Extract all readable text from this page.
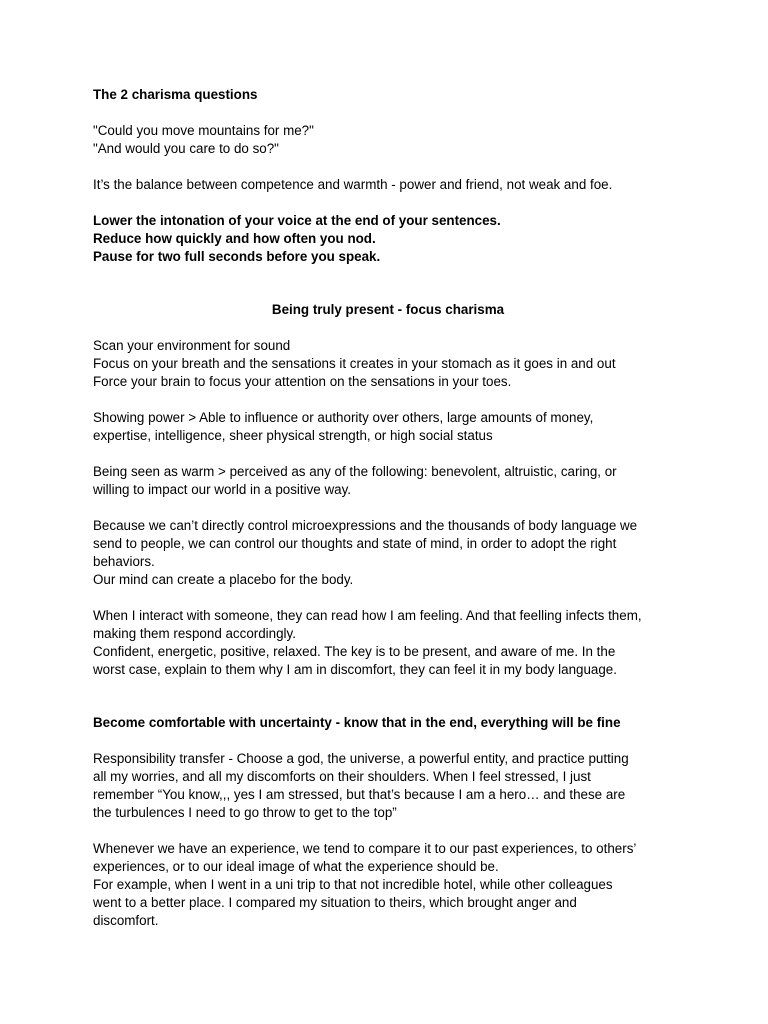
The 2 charisma questions
"Could you move mountains for me?"
"And would you care to do so?"
It’s the balance between competence and warmth - power and friend, not weak and foe.
Lower the intonation of your voice at the end of your sentences.
Reduce how quickly and how often you nod.
Pause for two full seconds before you speak.
Being truly present - focus charisma
Scan your environment for sound
Focus on your breath and the sensations it creates in your stomach as it goes in and out
Force your brain to focus your attention on the sensations in your toes.
Showing power > Able to influence or authority over others, large amounts of money,
expertise, intelligence, sheer physical strength, or high social status
Being seen as warm > perceived as any of the following: benevolent, altruistic, caring, or
willing to impact our world in a positive way.
Because we can’t directly control microexpressions and the thousands of body language we
send to people, we can control our thoughts and state of mind, in order to adopt the right
behaviors.
Our mind can create a placebo for the body.
When I interact with someone, they can read how I am feeling. And that feelling infects them,
making them respond accordingly.
Confident, energetic, positive, relaxed. The key is to be present, and aware of me. In the
worst case, explain to them why I am in discomfort, they can feel it in my body language.
Become comfortable with uncertainty - know that in the end, everything will be fine
Responsibility transfer - Choose a god, the universe, a powerful entity, and practice putting
all my worries, and all my discomforts on their shoulders. When I feel stressed, I just
remember “You know,,, yes I am stressed, but that’s because I am a hero… and these are
the turbulences I need to go throw to get to the top”
Whenever we have an experience, we tend to compare it to our past experiences, to others’
experiences, or to our ideal image of what the experience should be.
For example, when I went in a uni trip to that not incredible hotel, while other colleagues
went to a better place. I compared my situation to theirs, which brought anger and
discomfort.
